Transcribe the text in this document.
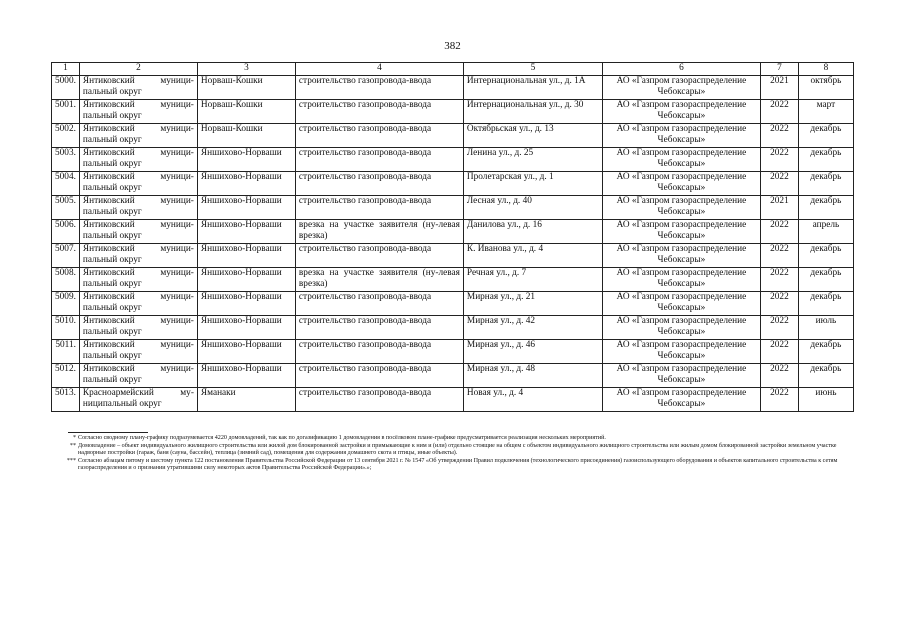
382
1	2	3	4	5	6	7	8
5000.	Янтиковский муници-пальный округ	Норваш-Кошки	строительство газопровода-ввода	Интернациональная ул., д. 1А	АО «Газпром газораспределение Чебоксары»	2021	октябрь
5001.	Янтиковский муници-пальный округ	Норваш-Кошки	строительство газопровода-ввода	Интернациональная ул., д. 30	АО «Газпром газораспределение Чебоксары»	2022	март
5002.	Янтиковский муници-пальный округ	Норваш-Кошки	строительство газопровода-ввода	Октябрьская ул., д. 13	АО «Газпром газораспределение Чебоксары»	2022	декабрь
5003.	Янтиковский муници-пальный округ	Яншихово-Норваши	строительство газопровода-ввода	Ленина ул., д. 25	АО «Газпром газораспределение Чебоксары»	2022	декабрь
5004.	Янтиковский муници-пальный округ	Яншихово-Норваши	строительство газопровода-ввода	Пролетарская ул., д. 1	АО «Газпром газораспределение Чебоксары»	2022	декабрь
5005.	Янтиковский муници-пальный округ	Яншихово-Норваши	строительство газопровода-ввода	Лесная ул., д. 40	АО «Газпром газораспределение Чебоксары»	2021	декабрь
5006.	Янтиковский муници-пальный округ	Яншихово-Норваши	врезка на участке заявителя (ну-левая врезка)	Данилова ул., д. 16	АО «Газпром газораспределение Чебоксары»	2022	апрель
5007.	Янтиковский муници-пальный округ	Яншихово-Норваши	строительство газопровода-ввода	К. Иванова ул., д. 4	АО «Газпром газораспределение Чебоксары»	2022	декабрь
5008.	Янтиковский муници-пальный округ	Яншихово-Норваши	врезка на участке заявителя (ну-левая врезка)	Речная ул., д. 7	АО «Газпром газораспределение Чебоксары»	2022	декабрь
5009.	Янтиковский муници-пальный округ	Яншихово-Норваши	строительство газопровода-ввода	Мирная ул., д. 21	АО «Газпром газораспределение Чебоксары»	2022	декабрь
5010.	Янтиковский муници-пальный округ	Яншихово-Норваши	строительство газопровода-ввода	Мирная ул., д. 42	АО «Газпром газораспределение Чебоксары»	2022	июль
5011.	Янтиковский муници-пальный округ	Яншихово-Норваши	строительство газопровода-ввода	Мирная ул., д. 46	АО «Газпром газораспределение Чебоксары»	2022	декабрь
5012.	Янтиковский муници-пальный округ	Яншихово-Норваши	строительство газопровода-ввода	Мирная ул., д. 48	АО «Газпром газораспределение Чебоксары»	2022	декабрь
5013.	Красноармейский му-ниципальный округ	Яманаки	строительство газопровода-ввода	Новая ул., д. 4	АО «Газпром газораспределение Чебоксары»	2022	июнь

* Согласно сводному плану-графику подразумевается 4220 домовладений, так как по догазификацию 1 домовладения в посёлковом плане-графике предусматривается реализация нескольких мероприятий.

** Домовладение – объект индивидуального жилищного строительства или жилой дом блокированной застройки и примыкающие к ним и (или) отдельно стоящие на общем с объектом индивидуального жилищного строительства или жилым домом блокированной застройки земельном участке надворные постройки (гараж, баня (сауна, бассейн), теплица (зимний сад), помещения для содержания домашнего скота и птицы, иные объекты).

*** Согласно абзацам пятому и шестому пункта 122 постановления Правительства Российской Федерации от 13 сентября 2021 г. № 1547 «Об утверждении Правил подключения (технологического присоединения) газоиспользующего оборудования и объектов капитального строительства к сетям газораспределения и о признании утратившими силу некоторых актов Правительства Российской Федерации».»;
